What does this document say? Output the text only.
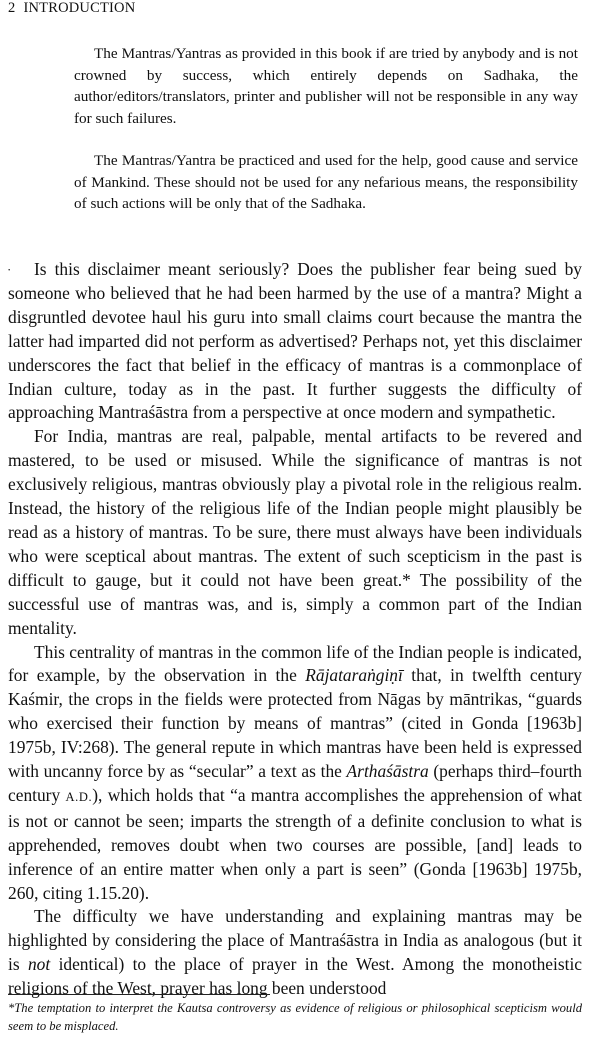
2 INTRODUCTION

The Mantras/Yantras as provided in this book if are tried by anybody and is not crowned by success, which entirely depends on Sadhaka, the author/editors/translators, printer and publisher will not be responsible in any way for such failures.

The Mantras/Yantra be practiced and used for the help, good cause and service of Mankind. These should not be used for any nefarious means, the responsibility of such actions will be only that of the Sadhaka.

·	Is this disclaimer meant seriously? Does the publisher fear being sued by someone who believed that he had been harmed by the use of a mantra? Might a disgruntled devotee haul his guru into small claims court because the mantra the latter had imparted did not perform as advertised? Perhaps not, yet this disclaimer underscores the fact that belief in the efficacy of mantras is a commonplace of Indian culture, today as in the past. It further suggests the difficulty of approaching Mantraśāstra from a perspective at once modern and sympathetic.

For India, mantras are real, palpable, mental artifacts to be revered and mastered, to be used or misused. While the significance of mantras is not exclusively religious, mantras obviously play a pivotal role in the religious realm. Instead, the history of the religious life of the Indian people might plausibly be read as a history of mantras. To be sure, there must always have been individuals who were sceptical about mantras. The extent of such scepticism in the past is difficult to gauge, but it could not have been great.* The possibility of the successful use of mantras was, and is, simply a common part of the Indian mentality.

This centrality of mantras in the common life of the Indian people is indicated, for example, by the observation in the Rājataraṅgiṇī that, in twelfth century Kaśmir, the crops in the fields were protected from Nāgas by māntrikas, “guards who exercised their function by means of mantras” (cited in Gonda [1963b] 1975b, IV:268). The general repute in which mantras have been held is expressed with uncanny force by as “secular” a text as the Arthaśāstra (perhaps third–fourth century A.D.), which holds that “a mantra accomplishes the apprehension of what is not or cannot be seen; imparts the strength of a definite conclusion to what is apprehended, removes doubt when two courses are possible, [and] leads to inference of an entire matter when only a part is seen” (Gonda [1963b] 1975b, 260, citing 1.15.20).

The difficulty we have understanding and explaining mantras may be highlighted by considering the place of Mantraśāstra in India as analogous (but it is not identical) to the place of prayer in the West. Among the monotheistic religions of the West, prayer has long been understood

*The temptation to interpret the Kautsa controversy as evidence of religious or philosophical scepticism would seem to be misplaced.
